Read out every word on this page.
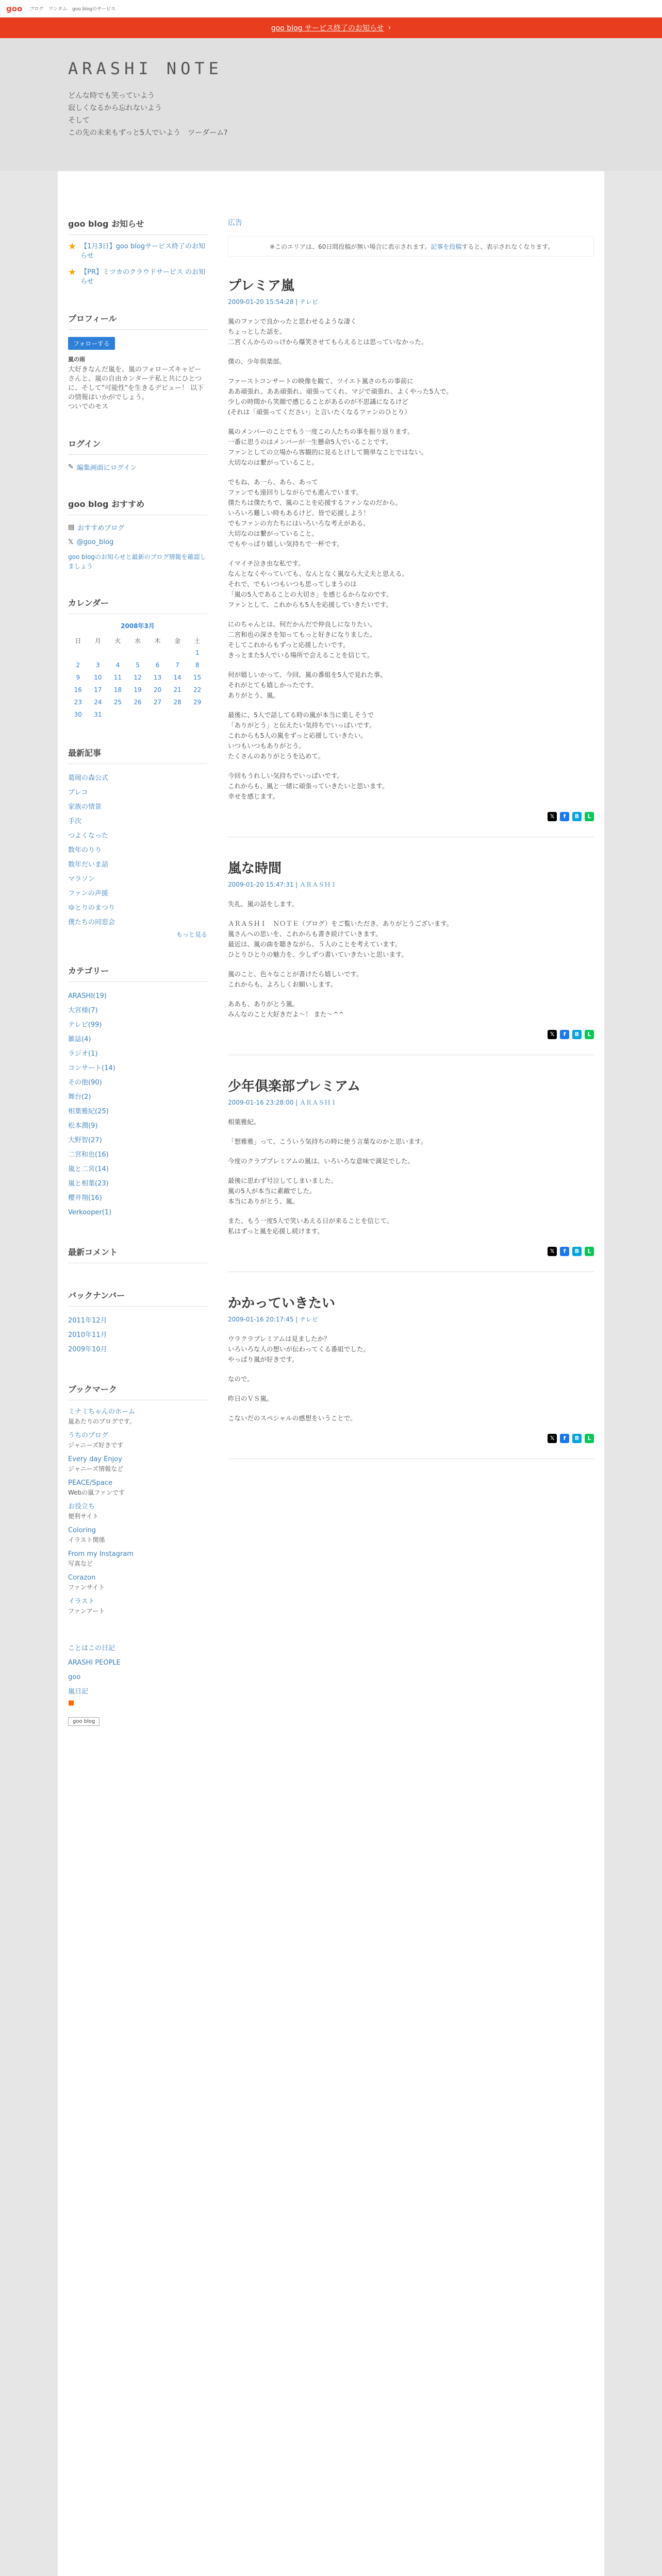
goo ブログ ワンタム goo blogのサービス
goo blog サービス終了のお知らせ ›
ARASHI NOTE
どんな時でも笑っていよう
寂しくなるから忘れないよう
そして
この先の未来もずっと5人でいよう　ツーダーム?
goo blog お知らせ
★ 【1月3日】goo blogサービス終了のお知らせ
★ 【PR】ミツカのクラウドサービス のお知らせ
プロフィール
フォローする
嵐の雨
大好きなんだ嵐を、嵐のフォローズキャピーさんと、嵐の自由カンターテ私と共にひとつに、そして"可能性"を生きるデビュー！ 以下の情報はいかがでしょう。
ついでのモス
ログイン
✎ 編集画面にログイン
goo blog おすすめ
▤ おすすめブログ
𝕏 @goo_blog
goo blogのお知らせと最新のブログ情報を確認しましょう
カレンダー
2008年3月
日	月	火	水	木	金	土
						1
2	3	4	5	6	7	8
9	10	11	12	13	14	15
16	17	18	19	20	21	22
23	24	25	26	27	28	29
30	31					
最新記事
葛岡の森公式
ブレコ
家族の情景
手次
つよくなった
数年のりり
数年だいま話
マラソン
ファンの声援
ゆとりのまつり
僕たちの同窓会
もっと見る
カテゴリー
ARASHI(19)
大宮様(7)
テレビ(99)
雑誌(4)
ラジオ(1)
コンサート(14)
その他(90)
舞台(2)
相葉雅紀(25)
松本潤(9)
大野智(27)
二宮和也(16)
嵐と二宮(14)
嵐と相葉(23)
櫻井翔(16)
Verkooper(1)
最新コメント
バックナンバー
2011年12月
2010年11月
2009年10月
ブックマーク
ミナミちゃんのホーム
嵐あたりのブログです。
うちのブログ
ジャニーズ好きです
Every day Enjoy
ジャニーズ情報など
PEACE/Space
Webの嵐ファンです
お役立ち
便利サイト
Coloring
イラスト関係
From my Instagram
写真など
Corazon
ファンサイト
イラスト
ファンアート
ことはこの日記
ARASHI PEOPLE
goo
嵐日記
■
goo blog
広告
※このエリアは、60日間投稿が無い場合に表示されます。 記事を投稿 すると、表示されなくなります。
プレミア嵐
2009-01-20 15:54:28 | テレビ

嵐のファンで良かったと思わせるような凄く
ちょっとした話を。
二宮くんからのっけから爆笑させてもらえるとは思っていなかった。

僕の、少年倶楽部。

ファーストコンサートの映像を観て、ツイエト嵐さのちの事前に
ああ頑張れ、ああ頑張れ、頑張ってくれ、マジで頑張れ、よくやった5人で。
少しの時間から笑顔で感じることがあるのが不思議になるけど
(それは「頑張ってください」と言いたくなるファンのひとり）

嵐のメンバーのことでもう一度この人たちの事を振り返ります。
一番に思うのはメンバーが一生懸命5人でいることです。
ファンとしての立場から客観的に見るとけして簡単なことではない。
大切なのは繋がっていること。

でもね、あ一ら、あら、あって
ファンでも遠回りしながらでも進んでいます。
僕たちは僕たちで、嵐のことを応援するファンなのだから。
いろいろ難しい時もあるけど、皆で応援しよう！
でもファンの方たちにはいろいろな考えがある。
大切なのは繋がっていること。
でもやっぱり嬉しい気持ちで一杯です。

イマイチ泣き虫な私です。
なんとなくやっていても、なんとなく嵐なら大丈夫と思える。
それで、でもいつもいつも思ってしまうのは
「嵐の5人であることの大切さ」を感じるからなのです。
ファンとして、これからも5人を応援していきたいです。

にのちゃんとは、何だかんだで仲良しになりたい。
二宮和也の深さを知ってもっと好きになりました。
そしてこれからもずっと応援したいです。
きっとまた5人でいる場所で会えることを信じて。

何が嬉しいかって、今回、嵐の番組を5人で見れた事。
それがとても嬉しかったです。
ありがとう、嵐。

最後に、5人で話してる時の嵐が本当に楽しそうで
「ありがとう」と伝えたい気持ちでいっぱいです。
これからも5人の嵐をずっと応援していきたい。
いつもいつもありがとう。
たくさんのありがとうを込めて。

今回もうれしい気持ちでいっぱいです。
これからも、嵐と一緒に頑張っていきたいと思います。
幸せを感じます。

𝕏	f	B	L
嵐な時間
2009-01-20 15:47:31 | ＡＲＡＳＨＩ

失礼、嵐の話をします。

ＡＲＡＳＨＩ　ＮＯＴＥ（ブログ）をご覧いただき、ありがとうございます。
嵐さんへの思いを、これからも書き続けていきます。
最近は、嵐の曲を聴きながら、５人のことを考えています。
ひとりひとりの魅力を、少しずつ書いていきたいと思います。

嵐のこと、色々なことが書けたら嬉しいです。
これからも、よろしくお願いします。

ああも、ありがとう嵐。
みんなのこと大好きだよ〜！ また〜^^

𝕏	f	B	L
少年倶楽部プレミアム
2009-01-16 23:28:00 | ＡＲＡＳＨＩ

相葉雅紀。

「想雅雅」って、こういう気持ちの時に使う言葉なのかと思います。

今度のクラブプレミアムの嵐は、いろいろな意味で満足でした。

最後に思わず号泣してしまいました。
嵐の5人が本当に素敵でした。
本当にありがとう、嵐。

また、もう一度5人で笑いあえる日が来ることを信じて。
私はずっと嵐を応援し続けます。

𝕏	f	B	L
かかっていきたい
2009-01-16 20:17:45 | テレビ

ウラクラブレミアムは見ましたか？
いろいろな人の想いが伝わってくる番組でした。
やっぱり嵐が好きです。

なので。

昨日のＶＳ嵐。

こないだのスペシャルの感想をいうことで。

𝕏	f	B	L
